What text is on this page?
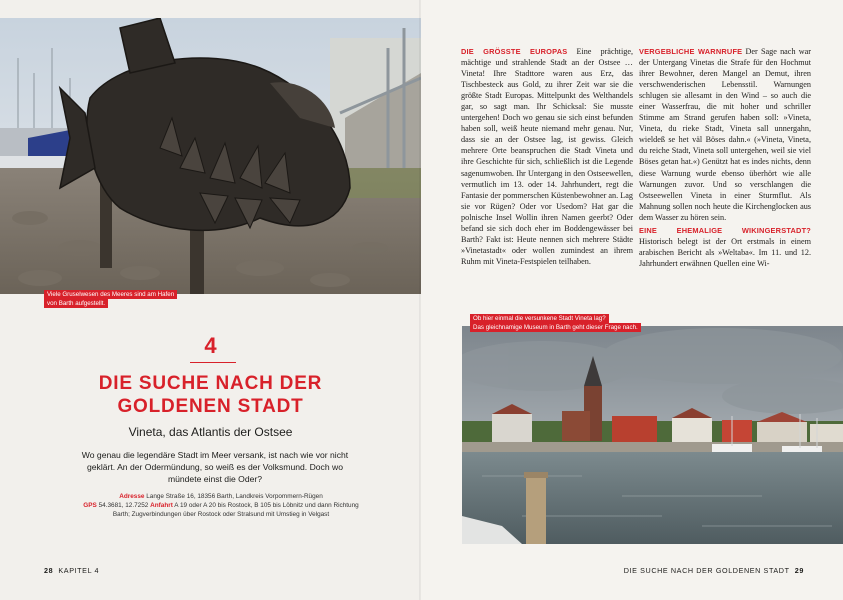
Viele Gruselwesen des Meeres sind am Hafen
von Barth aufgestellt.
4
DIE SUCHE NACH DER
GOLDENEN STADT
Vineta, das Atlantis der Ostsee
Wo genau die legendäre Stadt im Meer versank, ist nach wie vor nicht geklärt. An der Odermündung, so weiß es der Volksmund. Doch wo mündete einst die Oder?
Adresse Lange Straße 16, 18356 Barth, Landkreis Vorpommern-Rügen
GPS 54.3681, 12.7252 Anfahrt A 19 oder A 20 bis Rostock, B 105 bis Löbnitz und dann Richtung Barth; Zugverbindungen über Rostock oder Stralsund mit Umstieg in Velgast
28 KAPITEL 4
DIE GRÖSSTE EUROPAS Eine prächtige, mächtige und strahlende Stadt an der Ostsee … Vineta! Ihre Stadttore waren aus Erz, das Tischbesteck aus Gold, zu ihrer Zeit war sie die größte Stadt Europas. Mittelpunkt des Welthandels gar, so sagt man. Ihr Schicksal: Sie musste untergehen! Doch wo genau sie sich einst befunden haben soll, weiß heute niemand mehr genau. Nur, dass sie an der Ostsee lag, ist gewiss. Gleich mehrere Orte beanspruchen die Stadt Vineta und ihre Geschichte für sich, schließlich ist die Legende sagenumwoben. Ihr Untergang in den Ostseewellen, vermutlich im 13. oder 14. Jahrhundert, regt die Fantasie der pommerschen Küstenbewohner an. Lag sie vor Rügen? Oder vor Usedom? Hat gar die polnische Insel Wollin ihren Namen geerbt? Oder befand sie sich doch eher im Boddengewässer bei Barth? Fakt ist: Heute nennen sich mehrere Städte »Vinetastadt« oder wollen zumindest an ihrem Ruhm mit Vineta-Festspielen teilhaben.
VERGEBLICHE WARNRUFE Der Sage nach war der Untergang Vinetas die Strafe für den Hochmut ihrer Bewohner, deren Mangel an Demut, ihren verschwenderischen Lebensstil. Warnungen schlugen sie allesamt in den Wind – so auch die einer Wasserfrau, die mit hoher und schriller Stimme am Strand gerufen haben soll: »Vineta, Vineta, du rieke Stadt, Vineta sall unnergahn, wieldeß se het väl Böses dahn.« (»Vineta, Vineta, du reiche Stadt, Vineta soll untergehen, weil sie viel Böses getan hat.«) Genützt hat es indes nichts, denn diese Warnung wurde ebenso überhört wie alle Warnungen zuvor. Und so verschlangen die Ostseewellen Vineta in einer Sturmflut. Als Mahnung sollen noch heute die Kirchenglocken aus dem Wasser zu hören sein.
EINE EHEMALIGE WIKINGERSTADT? Historisch belegt ist der Ort erstmals in einem arabischen Bericht als »Weltaba«. Im 11. und 12. Jahrhundert erwähnen Quellen eine Wi-
Ob hier einmal die versunkene Stadt Vineta lag?
Das gleichnamige Museum in Barth geht dieser Frage nach.
DIE SUCHE NACH DER GOLDENEN STADT 29
